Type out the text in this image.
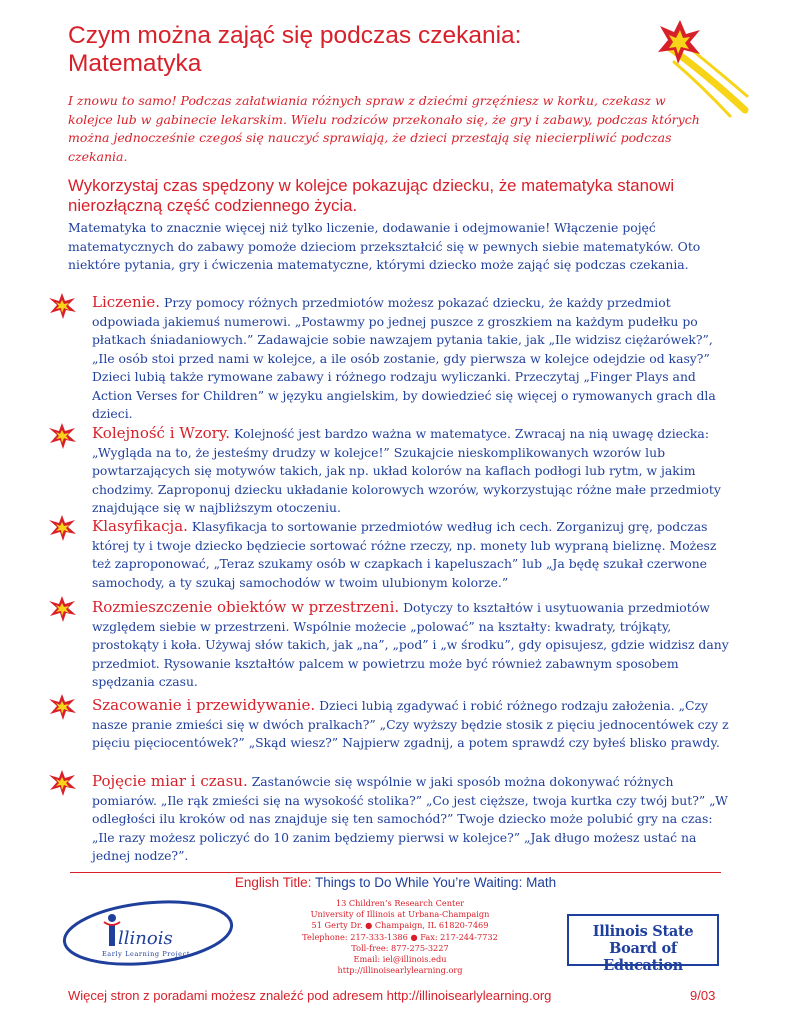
Czym można zająć się podczas czekania:
Matematyka

I znowu to samo! Podczas załatwiania różnych spraw z dziećmi grzęźniesz w korku, czekasz w kolejce lub w gabinecie lekarskim. Wielu rodziców przekonało się, że gry i zabawy, podczas których można jednocześnie czegoś się nauczyć sprawiają, że dzieci przestają się niecierpliwić podczas czekania.

Wykorzystaj czas spędzony w kolejce pokazując dziecku, że matematyka stanowi nierozłączną część codziennego życia.

Matematyka to znacznie więcej niż tylko liczenie, dodawanie i odejmowanie! Włączenie pojęć matematycznych do zabawy pomoże dzieciom przekształcić się w pewnych siebie matematyków. Oto niektóre pytania, gry i ćwiczenia matematyczne, którymi dziecko może zająć się podczas czekania.

Liczenie. Przy pomocy różnych przedmiotów możesz pokazać dziecku, że każdy przedmiot odpowiada jakiemuś numerowi. „Postawmy po jednej puszce z groszkiem na każdym pudełku po płatkach śniadaniowych.” Zadawajcie sobie nawzajem pytania takie, jak „Ile widzisz ciężarówek?”, „Ile osób stoi przed nami w kolejce, a ile osób zostanie, gdy pierwsza w kolejce odejdzie od kasy?” Dzieci lubią także rymowane zabawy i różnego rodzaju wyliczanki. Przeczytaj „Finger Plays and Action Verses for Children” w języku angielskim, by dowiedzieć się więcej o rymowanych grach dla dzieci.

Kolejność i Wzory. Kolejność jest bardzo ważna w matematyce. Zwracaj na nią uwagę dziecka: „Wygląda na to, że jesteśmy drudzy w kolejce!” Szukajcie nieskomplikowanych wzorów lub powtarzających się motywów takich, jak np. układ kolorów na kaflach podłogi lub rytm, w jakim chodzimy. Zaproponuj dziecku układanie kolorowych wzorów, wykorzystując różne małe przedmioty znajdujące się w najbliższym otoczeniu.

Klasyfikacja. Klasyfikacja to sortowanie przedmiotów według ich cech. Zorganizuj grę, podczas której ty i twoje dziecko będziecie sortować różne rzeczy, np. monety lub wypraną bieliznę. Możesz też zaproponować, „Teraz szukamy osób w czapkach i kapeluszach” lub „Ja będę szukał czerwone samochody, a ty szukaj samochodów w twoim ulubionym kolorze.”

Rozmieszczenie obiektów w przestrzeni. Dotyczy to kształtów i usytuowania przedmiotów względem siebie w przestrzeni. Wspólnie możecie „polować” na kształty: kwadraty, trójkąty, prostokąty i koła. Używaj słów takich, jak „na”, „pod” i „w środku”, gdy opisujesz, gdzie widzisz dany przedmiot. Rysowanie kształtów palcem w powietrzu może być również zabawnym sposobem spędzania czasu.

Szacowanie i przewidywanie. Dzieci lubią zgadywać i robić różnego rodzaju założenia. „Czy nasze pranie zmieści się w dwóch pralkach?” „Czy wyższy będzie stosik z pięciu jednocentówek czy z pięciu pięciocentówek?” „Skąd wiesz?” Najpierw zgadnij, a potem sprawdź czy byłeś blisko prawdy.

Pojęcie miar i czasu. Zastanówcie się wspólnie w jaki sposób można dokonywać różnych pomiarów. „Ile rąk zmieści się na wysokość stolika?” „Co jest cięższe, twoja kurtka czy twój but?” „W odległości ilu kroków od nas znajduje się ten samochód?” Twoje dziecko może polubić gry na czas: „Ile razy możesz policzyć do 10 zanim będziemy pierwsi w kolejce?” „Jak długo możesz ustać na jednej nodze?”.

English Title: Things to Do While You’re Waiting: Math

llinois
Early Learning Project
13 Children’s Research Center
University of Illinois at Urbana-Champaign
51 Gerty Dr. ● Champaign, IL 61820-7469
Telephone: 217-333-1386 ● Fax: 217-244-7732
Toll-free: 877-275-3227
Email: iel@illinois.edu
http://illinoisearlylearning.org
Illinois State
Board of Education

Więcej stron z poradami możesz znaleźć pod adresem http://illinoisearlylearning.org	9/03
